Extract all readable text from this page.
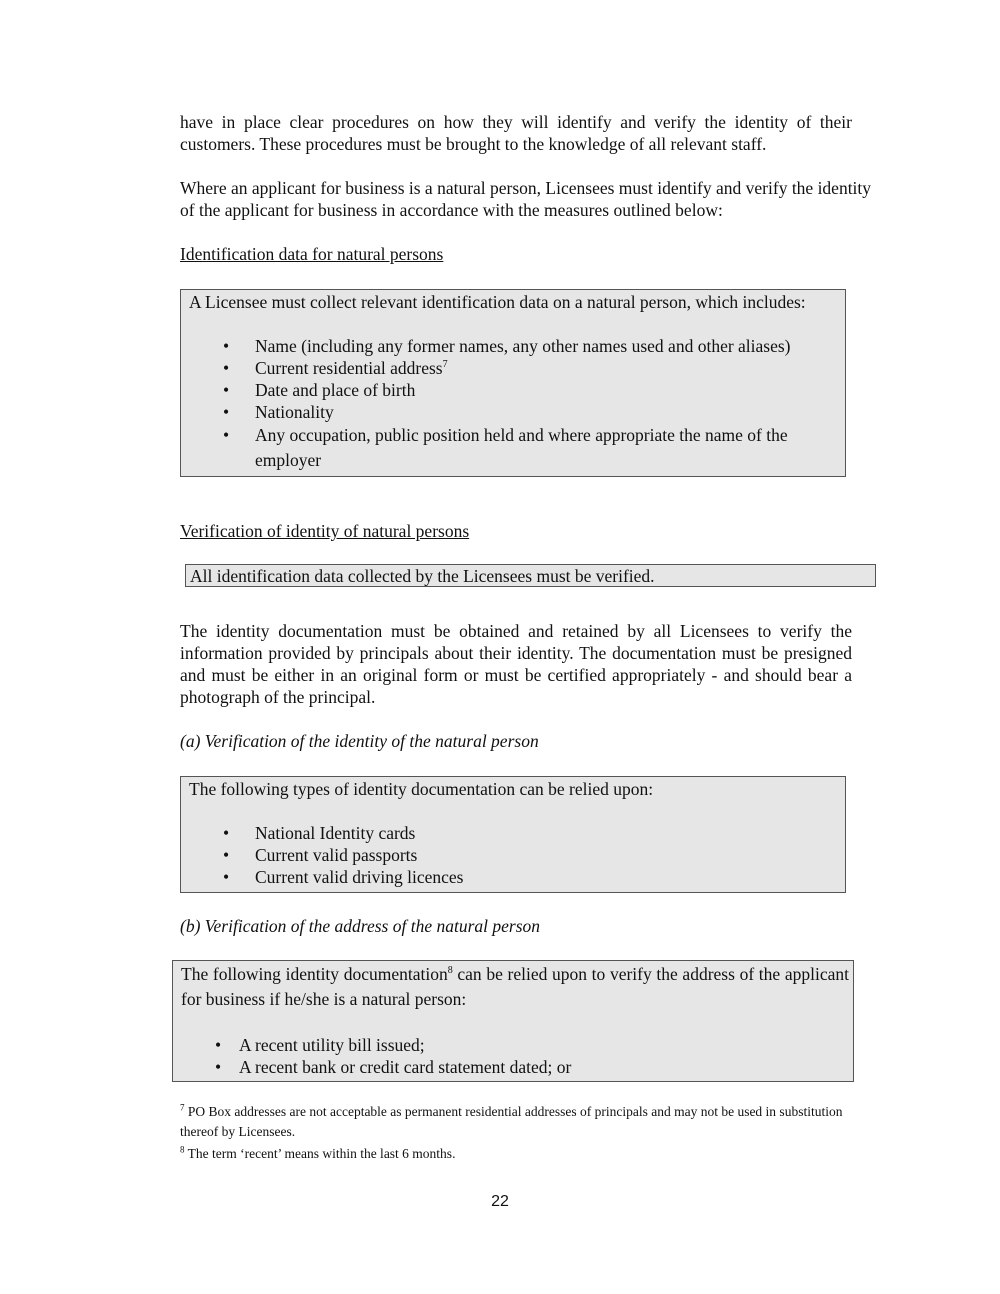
have in place clear procedures on how they will identify and verify the identity of their customers. These procedures must be brought to the knowledge of all relevant staff.

Where an applicant for business is a natural person, Licensees must identify and verify the identity of the applicant for business in accordance with the measures outlined below:

Identification data for natural persons

A Licensee must collect relevant identification data on a natural person, which includes:

• Name (including any former names, any other names used and other aliases)
• Current residential address$^7$
• Date and place of birth
• Nationality
• Any occupation, public position held and where appropriate the name of the employer

Verification of identity of natural persons

All identification data collected by the Licensees must be verified.

The identity documentation must be obtained and retained by all Licensees to verify the information provided by principals about their identity. The documentation must be presigned and must be either in an original form or must be certified appropriately - and should bear a photograph of the principal.

(a) Verification of the identity of the natural person

The following types of identity documentation can be relied upon:

• National Identity cards
• Current valid passports
• Current valid driving licences

(b) Verification of the address of the natural person

The following identity documentation$^8$ can be relied upon to verify the address of the applicant for business if he/she is a natural person:

• A recent utility bill issued;
• A recent bank or credit card statement dated; or

$^7$ PO Box addresses are not acceptable as permanent residential addresses of principals and may not be used in substitution thereof by Licensees.

$^8$ The term ‘recent’ means within the last 6 months.

22
